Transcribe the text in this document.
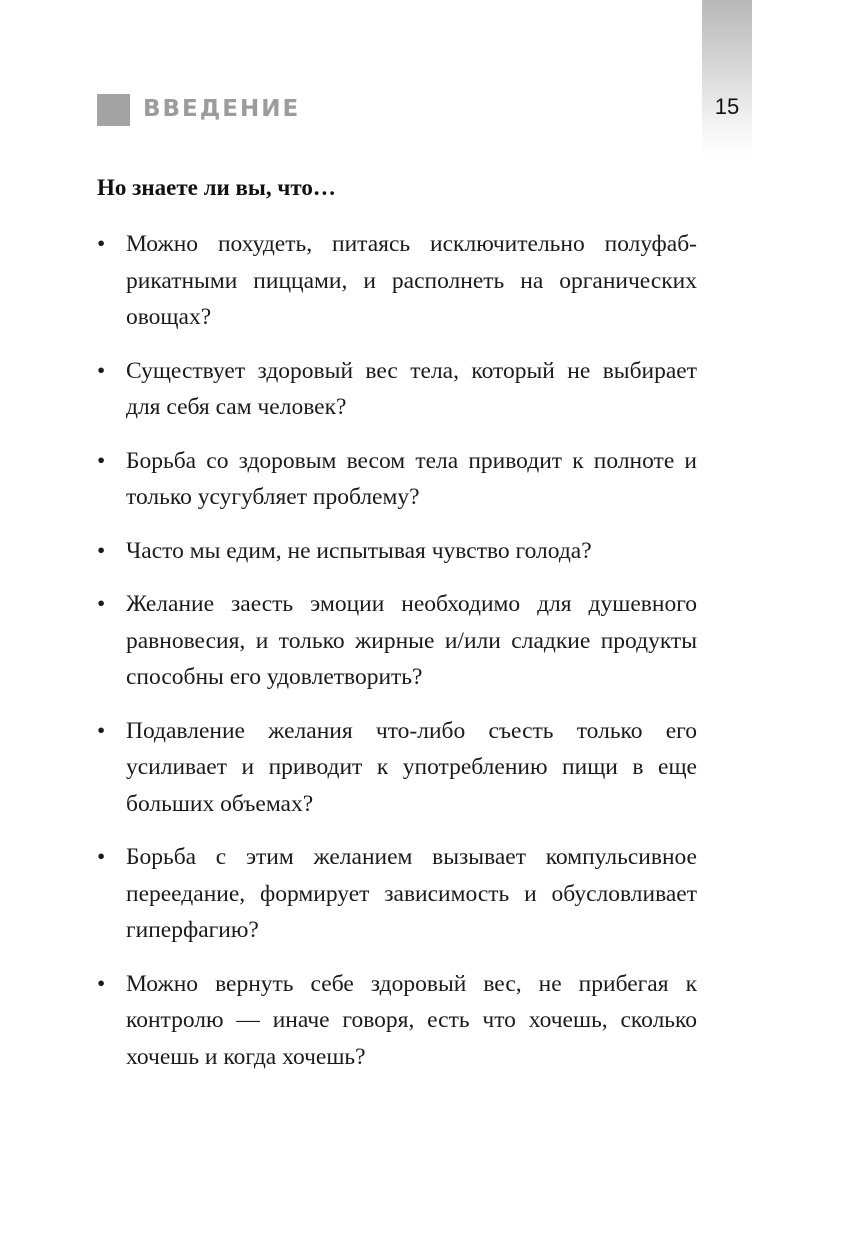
ВВЕДЕНИЕ	15
Но знаете ли вы, что…
• Можно похудеть, питаясь исключительно полуфабрикатными пиццами, и располнеть на органических овощах?
• Существует здоровый вес тела, который не выбирает для себя сам человек?
• Борьба со здоровым весом тела приводит к полноте и только усугубляет проблему?
• Часто мы едим, не испытывая чувство голода?
• Желание заесть эмоции необходимо для душевного равновесия, и только жирные и/или сладкие продукты способны его удовлетворить?
• Подавление желания что-либо съесть только его усиливает и приводит к употреблению пищи в еще больших объемах?
• Борьба с этим желанием вызывает компульсивное переедание, формирует зависимость и обусловливает гиперфагию?
• Можно вернуть себе здоровый вес, не прибегая к контролю — иначе говоря, есть что хочешь, сколько хочешь и когда хочешь?
